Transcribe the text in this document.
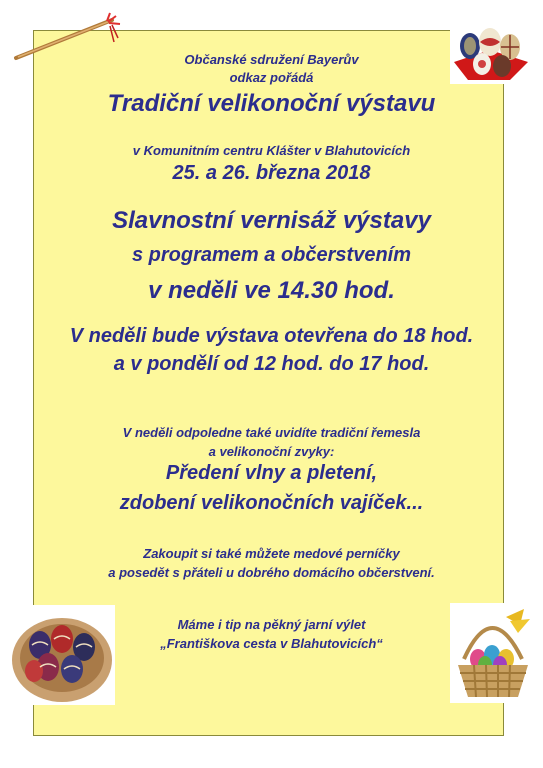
Občanské sdružení Bayerův
odkaz pořádá
Tradiční velikonoční výstavu
v Komunitním centru Klášter v Blahutovicích
25. a 26. března 2018
Slavnostní vernisáž výstavy
s programem a občerstvením
v neděli ve 14.30 hod.
V neděli bude výstava otevřena do 18 hod.
a v pondělí od 12 hod. do 17 hod.
V neděli odpoledne také uvidíte tradiční řemesla
a velikonoční zvyky:
Předení vlny a pletení,
zdobení velikonočních vajíček...
Zakoupit si také můžete medové perníčky
a posedět s přáteli u dobrého domácího občerstvení.
Máme i tip na pěkný jarní výlet
„Františkova cesta v Blahutovicích“
